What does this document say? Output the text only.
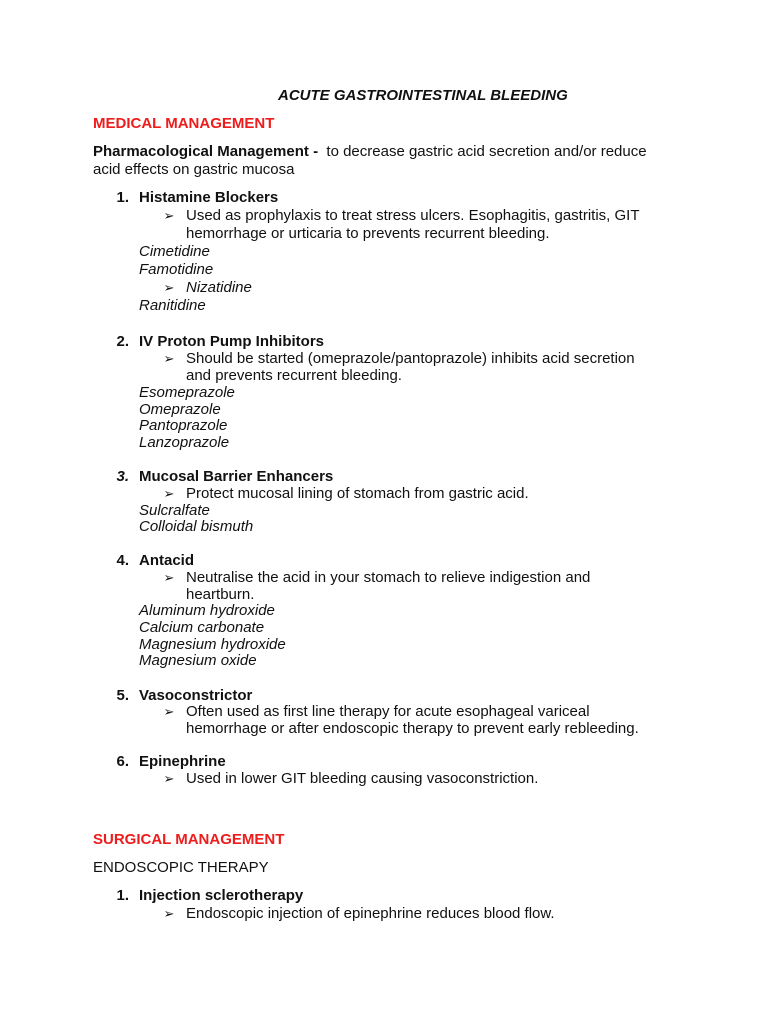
ACUTE GASTROINTESTINAL BLEEDING
MEDICAL MANAGEMENT
Pharmacological Management - to decrease gastric acid secretion and/or reduce
acid effects on gastric mucosa
1. Histamine Blockers
➢ Used as prophylaxis to treat stress ulcers. Esophagitis, gastritis, GIT
hemorrhage or urticaria to prevents recurrent bleeding.
Cimetidine
Famotidine
➢ Nizatidine
Ranitidine
2. IV Proton Pump Inhibitors
➢ Should be started (omeprazole/pantoprazole) inhibits acid secretion
and prevents recurrent bleeding.
Esomeprazole
Omeprazole
Pantoprazole
Lanzoprazole
3. Mucosal Barrier Enhancers
➢ Protect mucosal lining of stomach from gastric acid.
Sulcralfate
Colloidal bismuth
4. Antacid
➢ Neutralise the acid in your stomach to relieve indigestion and
heartburn.
Aluminum hydroxide
Calcium carbonate
Magnesium hydroxide
Magnesium oxide
5. Vasoconstrictor
➢ Often used as first line therapy for acute esophageal variceal
hemorrhage or after endoscopic therapy to prevent early rebleeding.
6. Epinephrine
➢ Used in lower GIT bleeding causing vasoconstriction.
SURGICAL MANAGEMENT
ENDOSCOPIC THERAPY
1. Injection sclerotherapy
➢ Endoscopic injection of epinephrine reduces blood flow.
